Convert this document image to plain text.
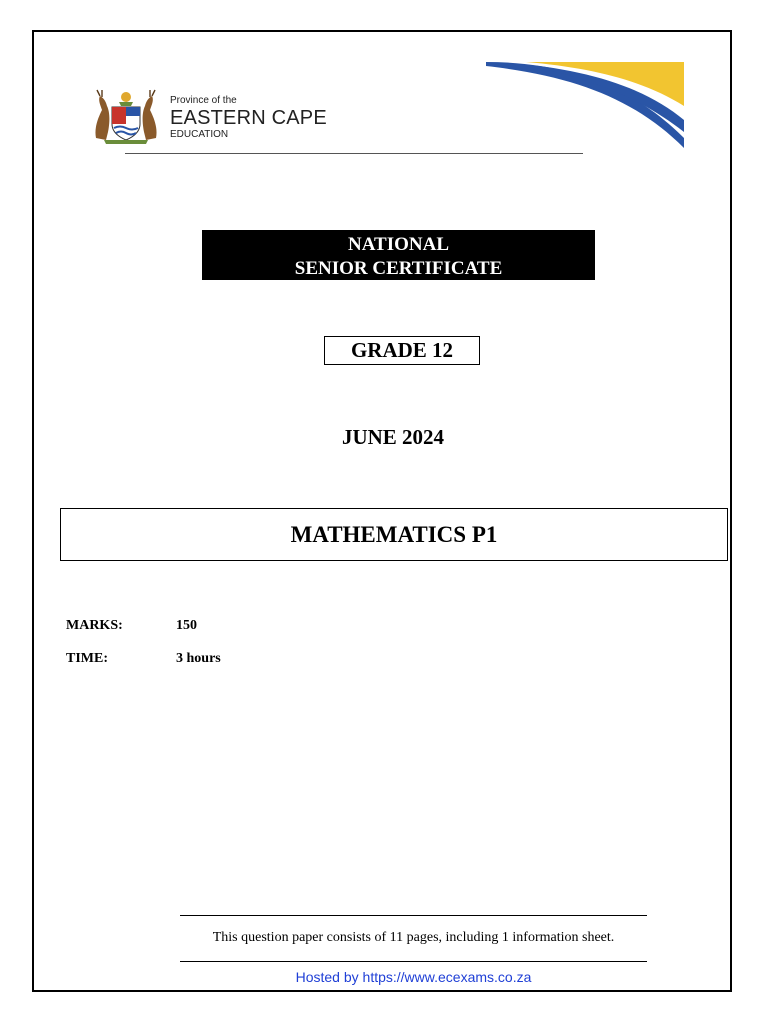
Province of the
EASTERN CAPE
EDUCATION
NATIONAL
SENIOR CERTIFICATE
GRADE 12
JUNE 2024
MATHEMATICS P1
MARKS:	150
TIME:	3 hours
This question paper consists of 11 pages, including 1 information sheet.
Hosted by https://www.ecexams.co.za
